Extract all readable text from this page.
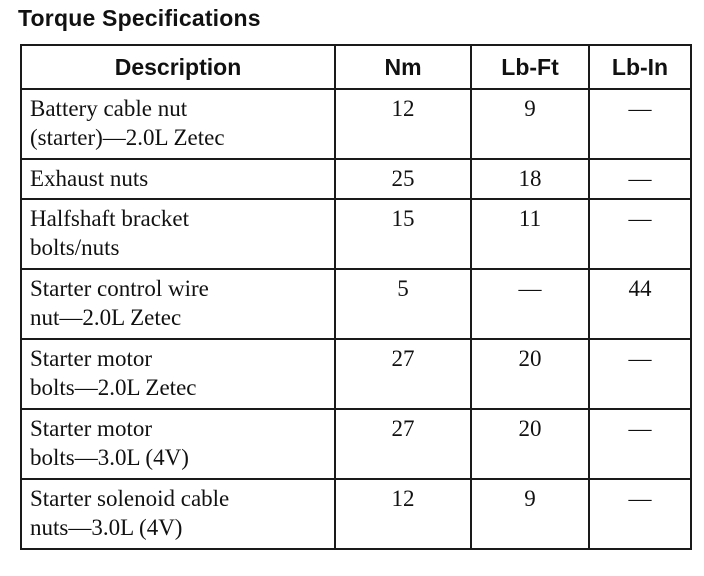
Torque Specifications
Description	Nm	Lb-Ft	Lb-In
Battery cable nut
(starter)—2.0L Zetec	12	9	—
Exhaust nuts	25	18	—
Halfshaft bracket
bolts/nuts	15	11	—
Starter control wire
nut—2.0L Zetec	5	—	44
Starter motor
bolts—2.0L Zetec	27	20	—
Starter motor
bolts—3.0L (4V)	27	20	—
Starter solenoid cable
nuts—3.0L (4V)	12	9	—
